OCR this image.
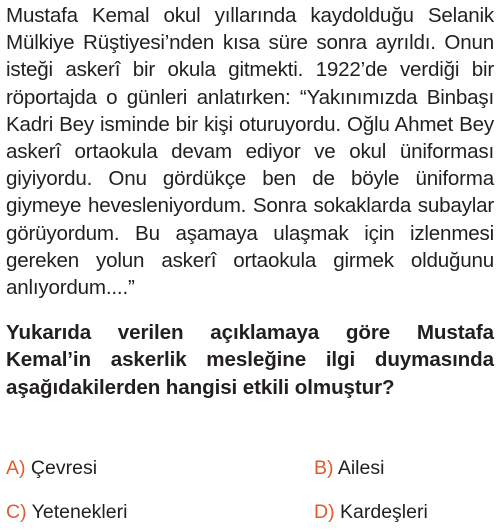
Mustafa Kemal okul yıllarında kaydolduğu Selanik Mülkiye Rüştiyesi’nden kısa süre sonra ayrıldı. Onun isteği askerî bir okula gitmekti. 1922’de verdiği bir röportajda o günleri anlatırken: “Yakınımızda Binbaşı Kadri Bey isminde bir kişi oturuyordu. Oğlu Ahmet Bey askerî ortaokula devam ediyor ve okul üniforması giyiyordu. Onu gördükçe ben de böyle üniforma giymeye hevesleniyordum. Sonra sokaklarda subaylar görüyordum. Bu aşamaya ulaşmak için izlenmesi gereken yolun askerî ortaokula girmek olduğunu anlıyordum....”

Yukarıda verilen açıklamaya göre Mustafa Kemal’in askerlik mesleğine ilgi duymasında aşağıdakilerden hangisi etkili olmuştur?

A) Çevresi	B) Ailesi
C) Yetenekleri	D) Kardeşleri
